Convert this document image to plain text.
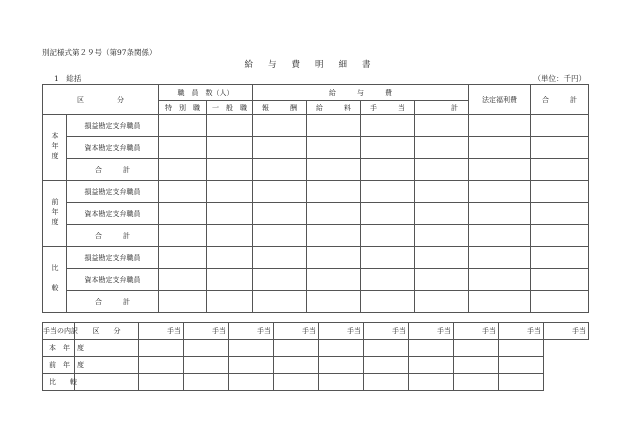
別記様式第２９号（第97条関係）
給与費明細書
1　総括	（単位：千円）
区　　分		職　員　数（人）		給　　　与　　　費				法定福利費	合　　　計
		特　別　職	一　般　職	報　　　酬	給　　　料	手　　　当	計		
本年度	損益勘定支弁職員								
	資本勘定支弁職員								
	合　　計								
前年度	損益勘定支弁職員								
	資本勘定支弁職員								
	合　　計								
比　較	損益勘定支弁職員								
	資本勘定支弁職員								
	合　　計								
手当の内訳	区　　分	手当	手当	手当	手当	手当	手当	手当	手当	手当	手当
本　年　度											
前　年　度											
比　　較											
